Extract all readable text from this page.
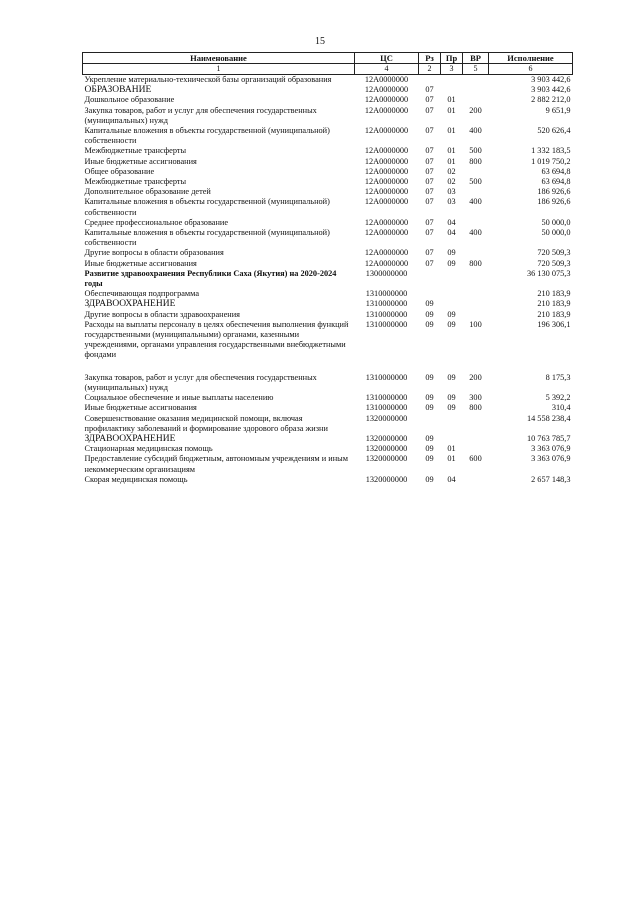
15
Наименование	ЦС	Рз	Пр	ВР	Исполнение
1	4	2	3	5	6
Укрепление материально-технической базы организаций образования	12А0000000				3 903 442,6
ОБРАЗОВАНИЕ	12А0000000	07			3 903 442,6
Дошкольное образование	12А0000000	07	01		2 882 212,0
Закупка товаров, работ и услуг для обеспечения государственных (муниципальных) нужд	12А0000000	07	01	200	9 651,9
Капитальные вложения в объекты государственной (муниципальной) собственности	12А0000000	07	01	400	520 626,4
Межбюджетные трансферты	12А0000000	07	01	500	1 332 183,5
Иные бюджетные ассигнования	12А0000000	07	01	800	1 019 750,2
Общее образование	12А0000000	07	02		63 694,8
Межбюджетные трансферты	12А0000000	07	02	500	63 694,8
Дополнительное образование детей	12А0000000	07	03		186 926,6
Капитальные вложения в объекты государственной (муниципальной) собственности	12А0000000	07	03	400	186 926,6
Среднее профессиональное образование	12А0000000	07	04		50 000,0
Капитальные вложения в объекты государственной (муниципальной) собственности	12А0000000	07	04	400	50 000,0
Другие вопросы в области образования	12А0000000	07	09		720 509,3
Иные бюджетные ассигнования	12А0000000	07	09	800	720 509,3
Развитие здравоохранения Республики Саха (Якутия) на 2020-2024 годы	1300000000				36 130 075,3
Обеспечивающая подпрограмма	1310000000				210 183,9
ЗДРАВООХРАНЕНИЕ	1310000000	09			210 183,9
Другие вопросы в области здравоохранения	1310000000	09	09		210 183,9
Расходы на выплаты персоналу в целях обеспечения выполнения функций государственными (муниципальными) органами, казенными учреждениями, органами управления государственными внебюджетными фондами	1310000000	09	09	100	196 306,1
Закупка товаров, работ и услуг для обеспечения государственных (муниципальных) нужд	1310000000	09	09	200	8 175,3
Социальное обеспечение и иные выплаты населению	1310000000	09	09	300	5 392,2
Иные бюджетные ассигнования	1310000000	09	09	800	310,4
Совершенствование оказания медицинской помощи, включая профилактику заболеваний и формирование здорового образа жизни	1320000000				14 558 238,4
ЗДРАВООХРАНЕНИЕ	1320000000	09			10 763 785,7
Стационарная медицинская помощь	1320000000	09	01		3 363 076,9
Предоставление субсидий бюджетным, автономным учреждениям и иным некоммерческим организациям	1320000000	09	01	600	3 363 076,9
Скорая медицинская помощь	1320000000	09	04		2 657 148,3
